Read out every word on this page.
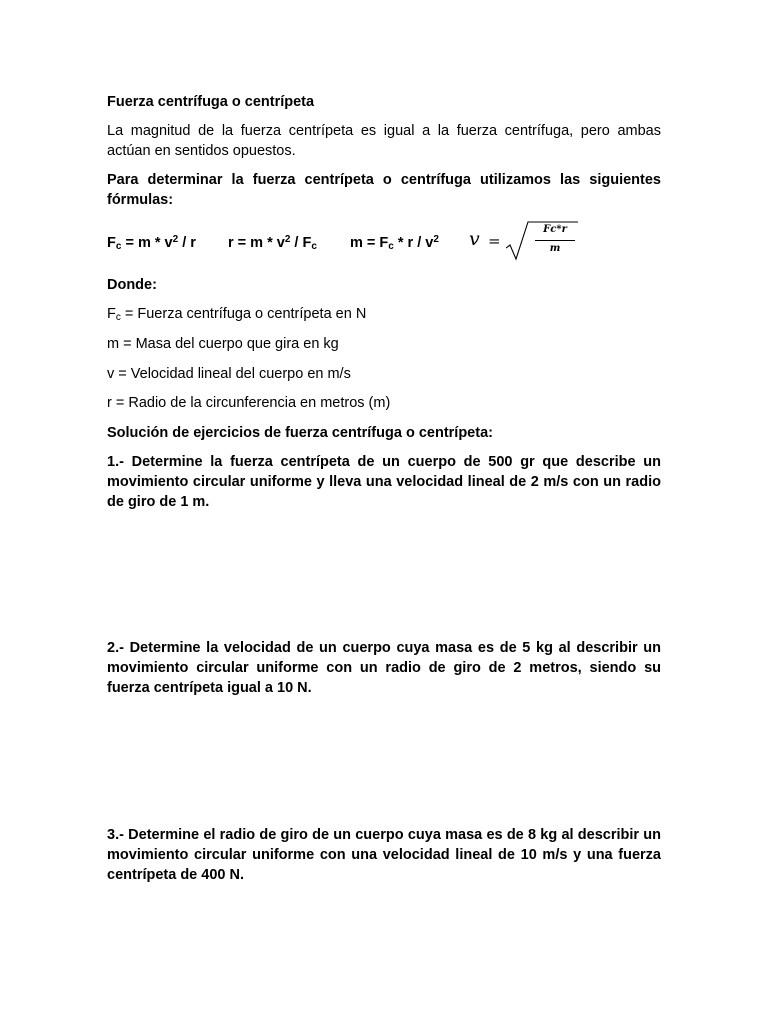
Fuerza centrífuga o centrípeta
La magnitud de la fuerza centrípeta es igual a la fuerza centrífuga, pero ambas actúan en sentidos opuestos.
Para determinar la fuerza centrípeta o centrífuga utilizamos las siguientes fórmulas:
$F_c = m * v^2 / r$ $r = m * v^2 / F_c$ $m = F_c * r / v^2$ v =
Fc*r
m
Donde:
$F_c$ = Fuerza centrífuga o centrípeta en N
m = Masa del cuerpo que gira en kg
v = Velocidad lineal del cuerpo en m/s
r = Radio de la circunferencia en metros (m)
Solución de ejercicios de fuerza centrífuga o centrípeta:
1.- Determine la fuerza centrípeta de un cuerpo de 500 gr que describe un movimiento circular uniforme y lleva una velocidad lineal de 2 m/s con un radio de giro de 1 m.
2.- Determine la velocidad de un cuerpo cuya masa es de 5 kg al describir un movimiento circular uniforme con un radio de giro de 2 metros, siendo su fuerza centrípeta igual a 10 N.
3.- Determine el radio de giro de un cuerpo cuya masa es de 8 kg al describir un movimiento circular uniforme con una velocidad lineal de 10 m/s y una fuerza centrípeta de 400 N.
